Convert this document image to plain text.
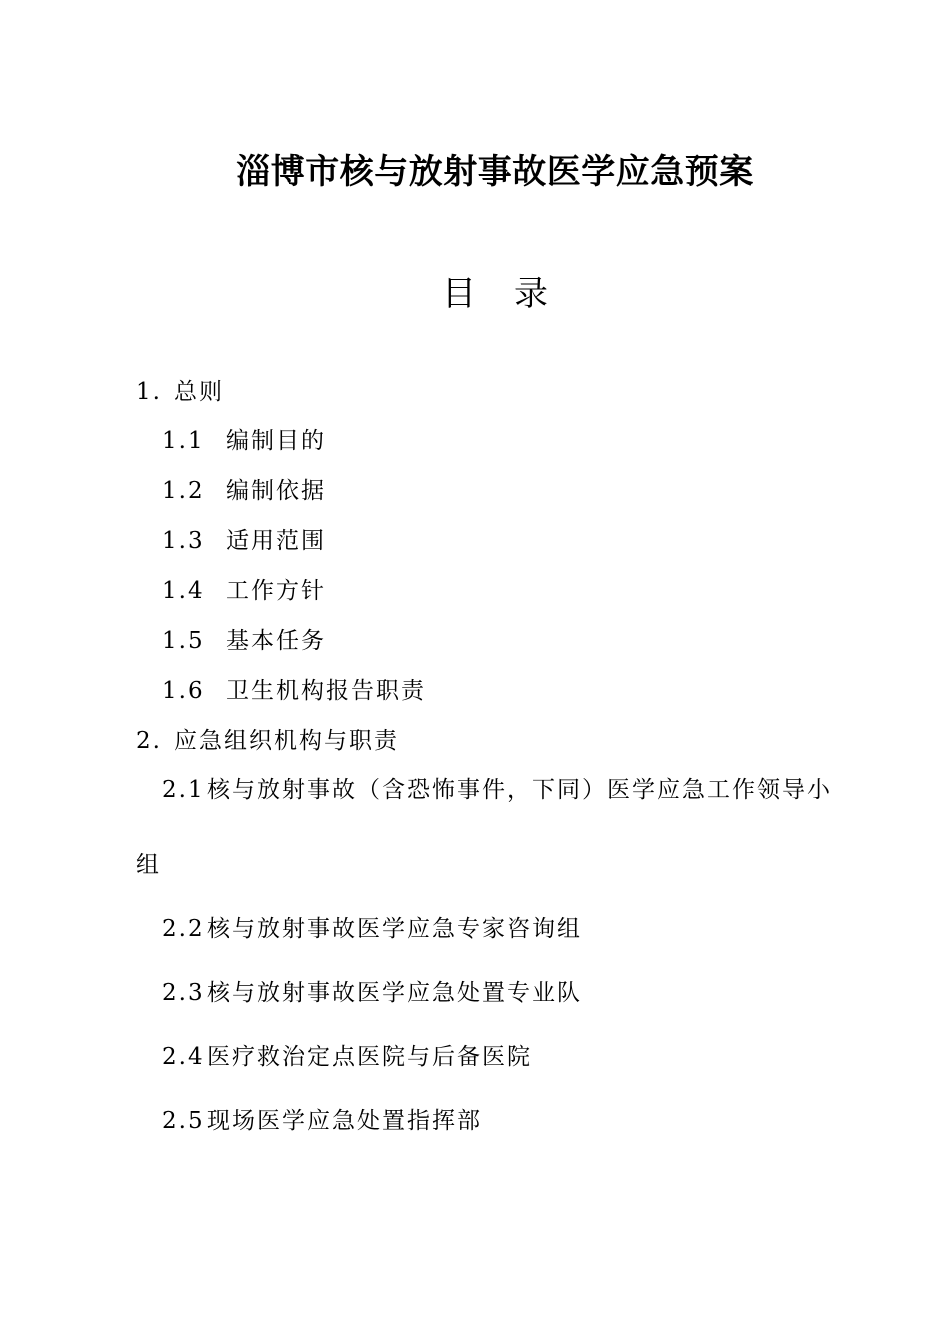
淄博市核与放射事故医学应急预案
目 录
1. 总则
1.1 编制目的
1.2 编制依据
1.3 适用范围
1.4 工作方针
1.5 基本任务
1.6 卫生机构报告职责
2. 应急组织机构与职责
2.1 核与放射事故（含恐怖事件，下同）医学应急工作领导小
组
2.2 核与放射事故医学应急专家咨询组
2.3 核与放射事故医学应急处置专业队
2.4 医疗救治定点医院与后备医院
2.5 现场医学应急处置指挥部
